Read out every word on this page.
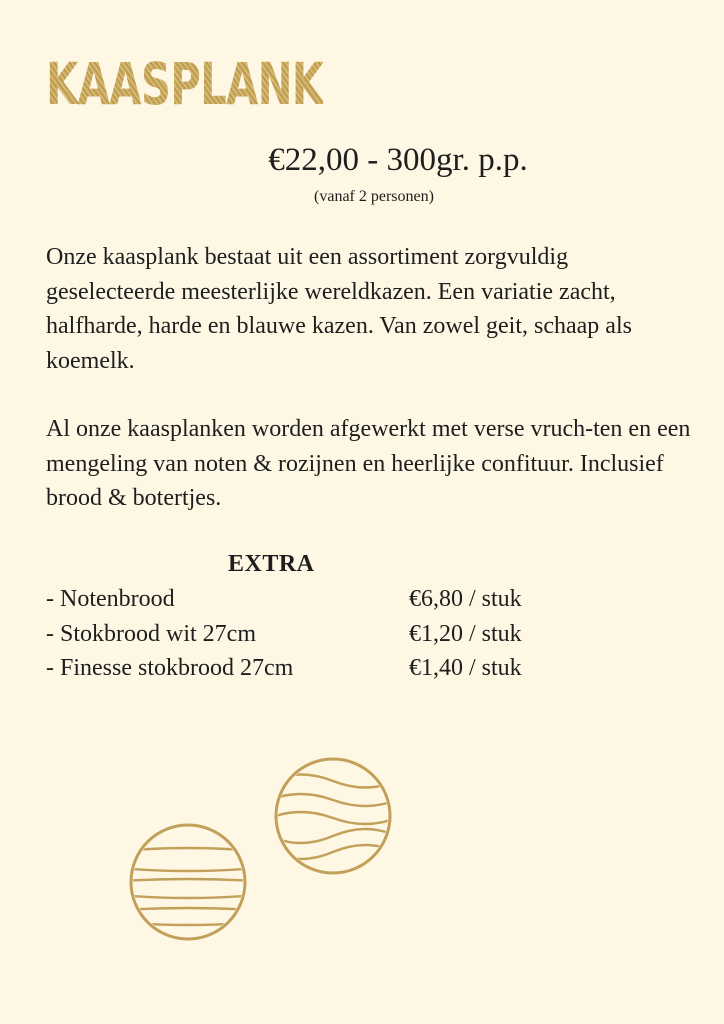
KAASPLANK
€22,00 - 300gr. p.p.
(vanaf 2 personen)

Onze kaasplank bestaat uit een assortiment zorgvuldig geselecteerde meesterlijke wereldkazen. Een variatie zacht, halfharde, harde en blauwe kazen. Van zowel geit, schaap als koemelk.

Al onze kaasplanken worden afgewerkt met verse vruch-ten en een mengeling van noten & rozijnen en heerlijke confituur. Inclusief brood & botertjes.

EXTRA
- Notenbrood	€6,80 / stuk
- Stokbrood wit 27cm	€1,20 / stuk
- Finesse stokbrood 27cm	€1,40 / stuk
